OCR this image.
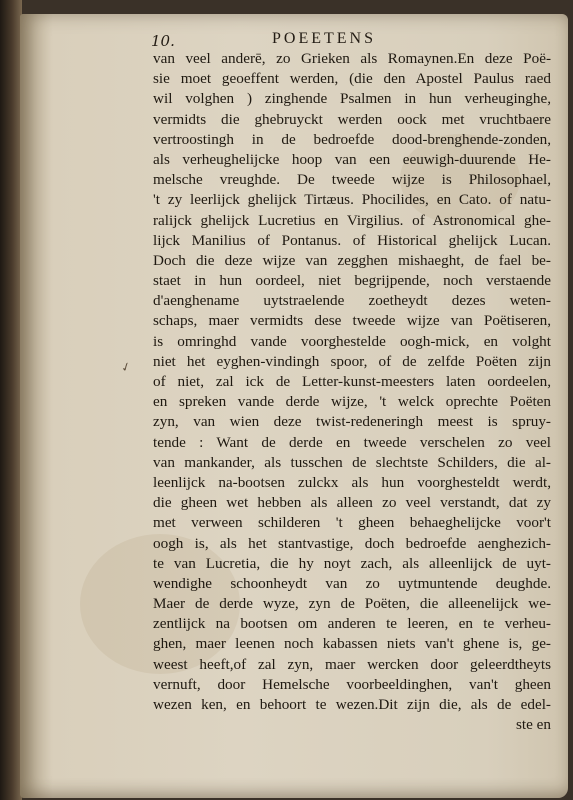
10.	POEETENS
✓
van veel anderē, zo Grieken als Romaynen.En deze Poë-
sie moet geoeffent werden, (die den Apostel Paulus raed
wil volghen ) zinghende Psalmen in hun verheuginghe,
vermidts die ghebruyckt werden oock met vruchtbaere
vertroostingh in de bedroefde dood-brenghende-zonden,
als verheughelijcke hoop van een eeuwigh-duurende He-
melsche vreughde. De tweede wijze is Philosophael,
't zy leerlijck ghelijck Tirtæus. Phocilides, en Cato. of natu-
ralijck ghelijck Lucretius en Virgilius. of Astronomical ghe-
lijck Manilius of Pontanus. of Historical ghelijck Lucan.
Doch die deze wijze van zegghen mishaeght, de fael be-
staet in hun oordeel, niet begrijpende, noch verstaende
d'aenghename uytstraelende zoetheydt dezes weten-
schaps, maer vermidts dese tweede wijze van Poëtiseren,
is omringhd vande voorghestelde oogh-mick, en volght
niet het eyghen-vindingh spoor, of de zelfde Poëten zijn
of niet, zal ick de Letter-kunst-meesters laten oordeelen,
en spreken vande derde wijze, 't welck oprechte Poëten
zyn, van wien deze twist-redeneringh meest is spruy-
tende : Want de derde en tweede verschelen zo veel
van mankander, als tusschen de slechtste Schilders, die al-
leenlijck na-bootsen zulckx als hun voorghesteldt werdt,
die gheen wet hebben als alleen zo veel verstandt, dat zy
met verween schilderen 't gheen behaeghelijcke voor't
oogh is, als het stantvastige, doch bedroefde aenghezich-
te van Lucretia, die hy noyt zach, als alleenlijck de uyt-
wendighe schoonheydt van zo uytmuntende deughde.
Maer de derde wyze, zyn de Poëten, die alleenelijck we-
zentlijck na bootsen om anderen te leeren, en te verheu-
ghen, maer leenen noch kabassen niets van't ghene is, ge-
weest heeft,of zal zyn, maer wercken door geleerdtheyts
vernuft, door Hemelsche voorbeeldinghen, van't gheen
wezen ken, en behoort te wezen.Dit zijn die, als de edel-
ste en
